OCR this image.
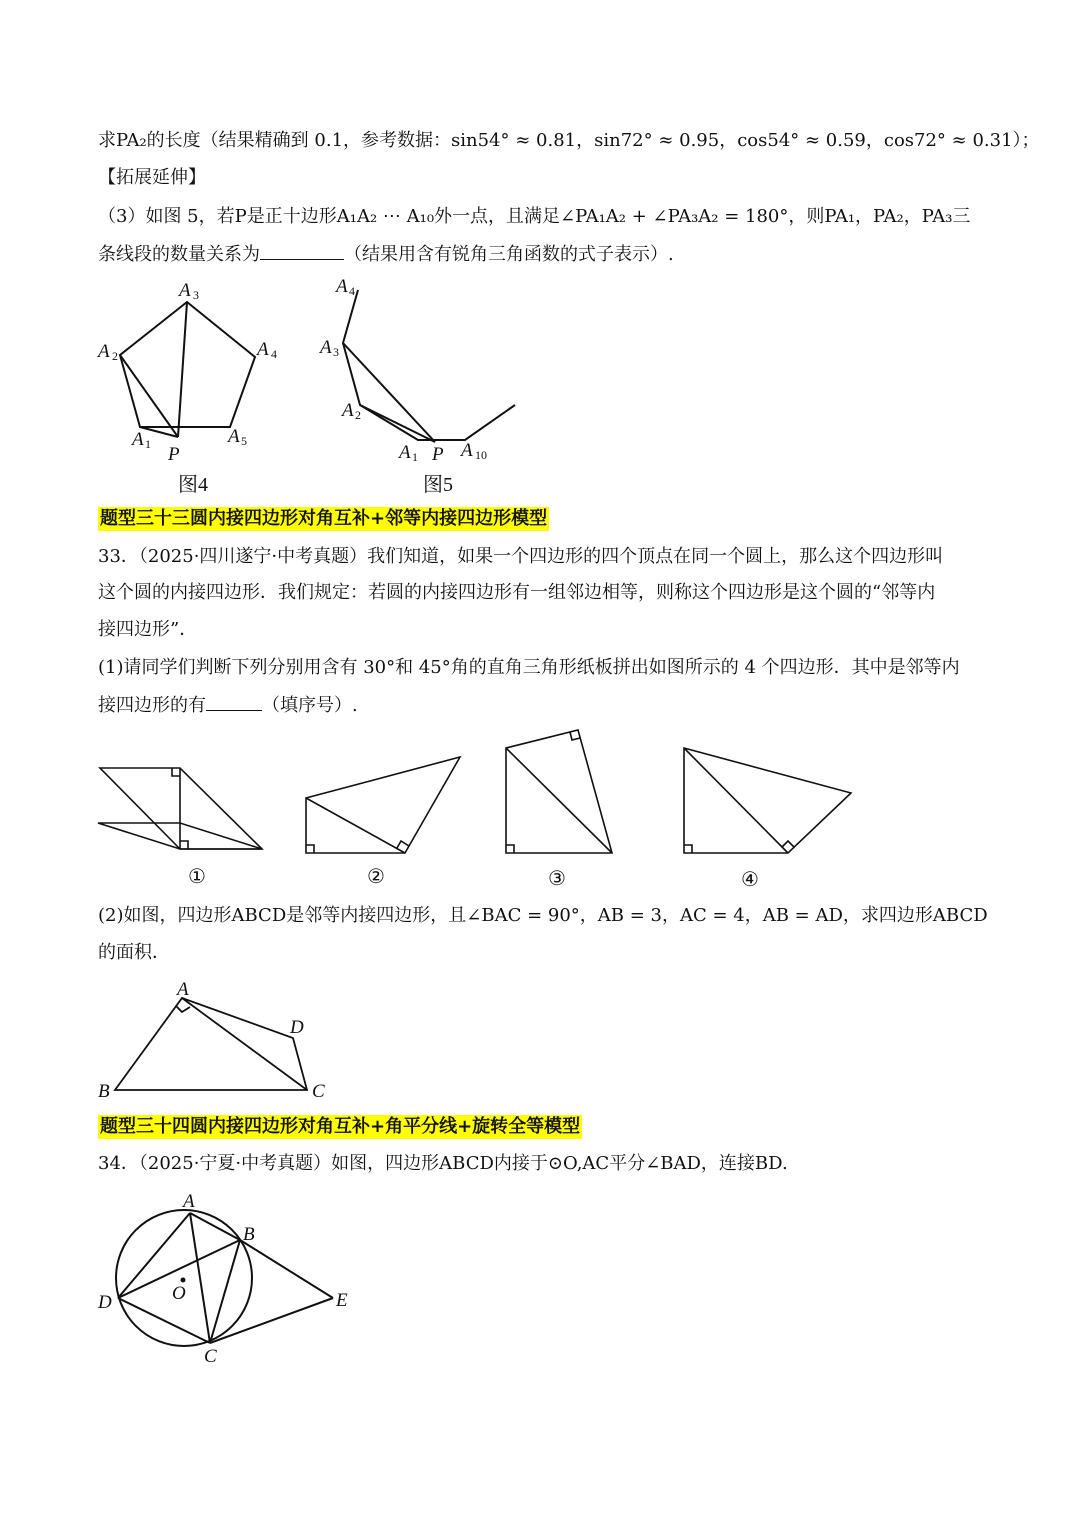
求PA₂的长度（结果精确到 0.1，参考数据：sin54° ≈ 0.81，sin72° ≈ 0.95，cos54° ≈ 0.59，cos72° ≈ 0.31）；
【拓展延伸】
（3）如图 5，若P是正十边形A₁A₂ ⋯ A₁₀外一点，且满足∠PA₁A₂ + ∠PA₃A₂ = 180°，则PA₁，PA₂，PA₃三
条线段的数量关系为	（结果用含有锐角三角函数的式子表示）.
A 3
A 2	A 4
A 1 P
A 5
图4
A 4
A 3
A 2
A 1 P A 10
图5
①	②	③	④
A
D
B	C
A
B
D	O	E
C
题型三十三圆内接四边形对角互补+邻等内接四边形模型
33．（2025·四川遂宁·中考真题）我们知道，如果一个四边形的四个顶点在同一个圆上，那么这个四边形叫
这个圆的内接四边形．我们规定：若圆的内接四边形有一组邻边相等，则称这个四边形是这个圆的“邻等内
接四边形”．
(1)请同学们判断下列分别用含有 30°和 45°角的直角三角形纸板拼出如图所示的 4 个四边形．其中是邻等内
接四边形的有	（填序号）.
(2)如图，四边形ABCD是邻等内接四边形，且∠BAC = 90°，AB = 3，AC = 4，AB = AD，求四边形ABCD
的面积．
题型三十四圆内接四边形对角互补+角平分线+旋转全等模型
34．（2025·宁夏·中考真题）如图，四边形ABCD内接于⊙O,AC平分∠BAD，连接BD.
